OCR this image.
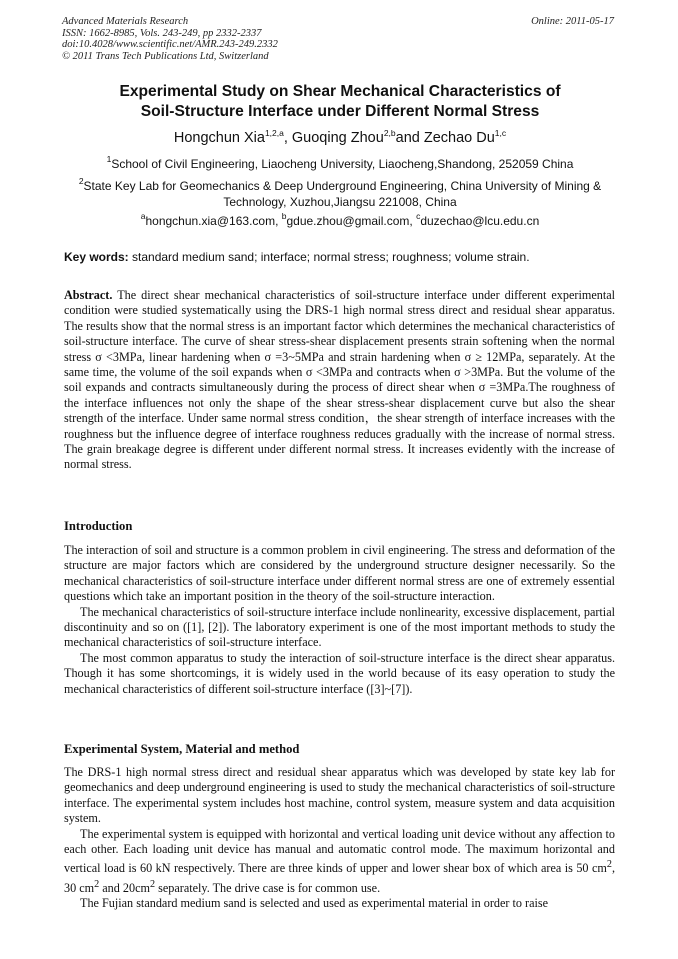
Advanced Materials Research
ISSN: 1662-8985, Vols. 243-249, pp 2332-2337
doi:10.4028/www.scientific.net/AMR.243-249.2332
© 2011 Trans Tech Publications Ltd, Switzerland
Online: 2011-05-17
Experimental Study on Shear Mechanical Characteristics of
Soil-Structure Interface under Different Normal Stress
Hongchun Xia$^{1,2,a}$, Guoqing Zhou$^{2,b}$and Zechao Du$^{1,c}$
$^1$School of Civil Engineering, Liaocheng University, Liaocheng,Shandong, 252059 China
$^2$State Key Lab for Geomechanics & Deep Underground Engineering, China University of Mining & Technology, Xuzhou,Jiangsu 221008, China
$^a$hongchun.xia@163.com, $^b$gdue.zhou@gmail.com, $^c$duzechao@lcu.edu.cn
Key words: standard medium sand; interface; normal stress; roughness; volume strain.

Abstract. The direct shear mechanical characteristics of soil-structure interface under different experimental condition were studied systematically using the DRS-1 high normal stress direct and residual shear apparatus. The results show that the normal stress is an important factor which determines the mechanical characteristics of soil-structure interface. The curve of shear stress-shear displacement presents strain softening when the normal stress σ <3MPa, linear hardening when σ =3~5MPa and strain hardening when σ ≥ 12MPa, separately. At the same time, the volume of the soil expands when σ <3MPa and contracts when σ >3MPa. But the volume of the soil expands and contracts simultaneously during the process of direct shear when σ =3MPa.The roughness of the interface influences not only the shape of the shear stress-shear displacement curve but also the shear strength of the interface. Under same normal stress condition，the shear strength of interface increases with the roughness but the influence degree of interface roughness reduces gradually with the increase of normal stress. The grain breakage degree is different under different normal stress. It increases evidently with the increase of normal stress.

Introduction

The interaction of soil and structure is a common problem in civil engineering. The stress and deformation of the structure are major factors which are considered by the underground structure designer necessarily. So the mechanical characteristics of soil-structure interface under different normal stress are one of extremely essential questions which take an important position in the theory of the soil-structure interaction.

The mechanical characteristics of soil-structure interface include nonlinearity, excessive displacement, partial discontinuity and so on ([1], [2]). The laboratory experiment is one of the most important methods to study the mechanical characteristics of soil-structure interface.

The most common apparatus to study the interaction of soil-structure interface is the direct shear apparatus. Though it has some shortcomings, it is widely used in the world because of its easy operation to study the mechanical characteristics of different soil-structure interface ([3]~[7]).

Experimental System, Material and method

The DRS-1 high normal stress direct and residual shear apparatus which was developed by state key lab for geomechanics and deep underground engineering is used to study the mechanical characteristics of soil-structure interface. The experimental system includes host machine, control system, measure system and data acquisition system.

The experimental system is equipped with horizontal and vertical loading unit device without any affection to each other. Each loading unit device has manual and automatic control mode. The maximum horizontal and vertical load is 60 kN respectively. There are three kinds of upper and lower shear box of which area is 50 $cm^2$, 30 $cm^2$ and $20cm^2$ separately. The drive case is for common use.

The Fujian standard medium sand is selected and used as experimental material in order to raise
